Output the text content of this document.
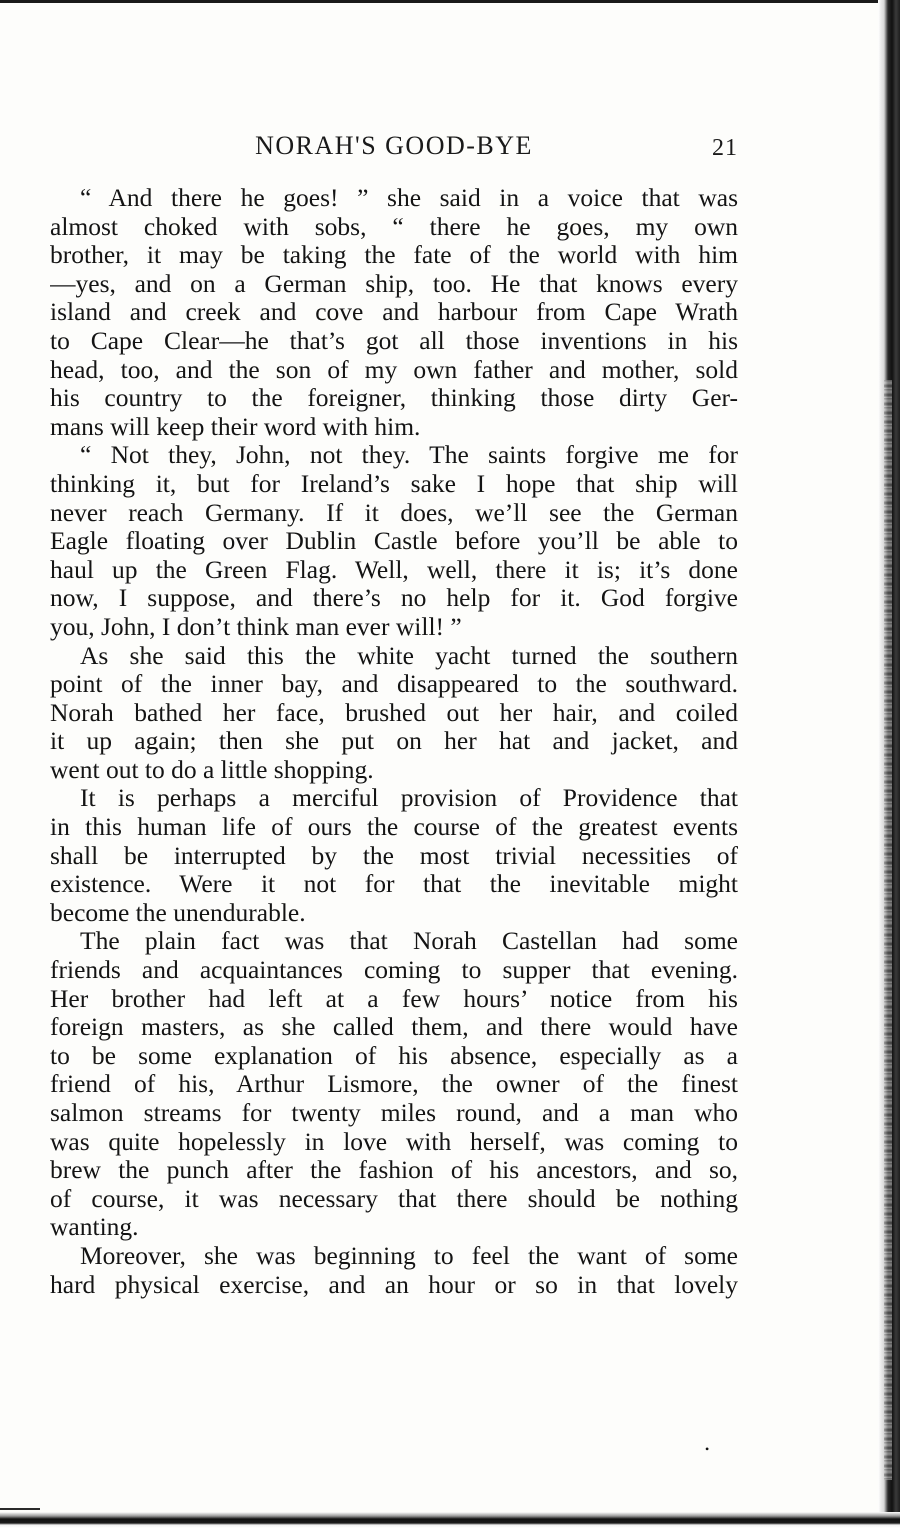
NORAH'S GOOD-BYE	21
“ And there he goes! ” she said in a voice that was
almost choked with sobs, “ there he goes, my own
brother, it may be taking the fate of the world with him
—yes, and on a German ship, too. He that knows every
island and creek and cove and harbour from Cape Wrath
to Cape Clear—he that’s got all those inventions in his
head, too, and the son of my own father and mother, sold
his country to the foreigner, thinking those dirty Ger-
mans will keep their word with him.
“ Not they, John, not they. The saints forgive me for
thinking it, but for Ireland’s sake I hope that ship will
never reach Germany. If it does, we’ll see the German
Eagle floating over Dublin Castle before you’ll be able to
haul up the Green Flag. Well, well, there it is; it’s done
now, I suppose, and there’s no help for it. God forgive
you, John, I don’t think man ever will! ”
As she said this the white yacht turned the southern
point of the inner bay, and disappeared to the southward.
Norah bathed her face, brushed out her hair, and coiled
it up again; then she put on her hat and jacket, and
went out to do a little shopping.
It is perhaps a merciful provision of Providence that
in this human life of ours the course of the greatest events
shall be interrupted by the most trivial necessities of
existence. Were it not for that the inevitable might
become the unendurable.
The plain fact was that Norah Castellan had some
friends and acquaintances coming to supper that evening.
Her brother had left at a few hours’ notice from his
foreign masters, as she called them, and there would have
to be some explanation of his absence, especially as a
friend of his, Arthur Lismore, the owner of the finest
salmon streams for twenty miles round, and a man who
was quite hopelessly in love with herself, was coming to
brew the punch after the fashion of his ancestors, and so,
of course, it was necessary that there should be nothing
wanting.
Moreover, she was beginning to feel the want of some
hard physical exercise, and an hour or so in that lovely
•
